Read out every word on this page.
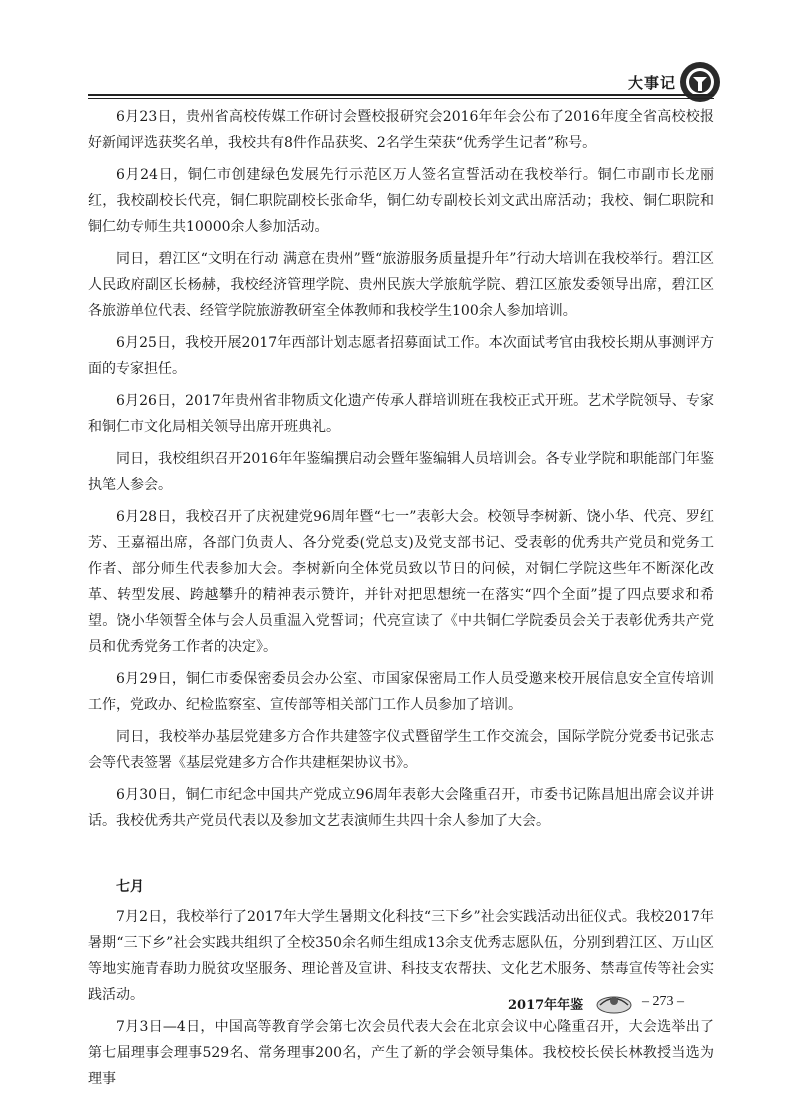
大事记

6月23日，贵州省高校传媒工作研讨会暨校报研究会2016年年会公布了2016年度全省高校校报好新闻评选获奖名单，我校共有8件作品获奖、2名学生荣获“优秀学生记者”称号。

6月24日，铜仁市创建绿色发展先行示范区万人签名宣誓活动在我校举行。铜仁市副市长龙丽红，我校副校长代亮，铜仁职院副校长张命华，铜仁幼专副校长刘文武出席活动；我校、铜仁职院和铜仁幼专师生共10000余人参加活动。

同日，碧江区“文明在行动 满意在贵州”暨“旅游服务质量提升年”行动大培训在我校举行。碧江区人民政府副区长杨赫，我校经济管理学院、贵州民族大学旅航学院、碧江区旅发委领导出席，碧江区各旅游单位代表、经管学院旅游教研室全体教师和我校学生100余人参加培训。

6月25日，我校开展2017年西部计划志愿者招募面试工作。本次面试考官由我校长期从事测评方面的专家担任。

6月26日，2017年贵州省非物质文化遗产传承人群培训班在我校正式开班。艺术学院领导、专家和铜仁市文化局相关领导出席开班典礼。

同日，我校组织召开2016年年鉴编撰启动会暨年鉴编辑人员培训会。各专业学院和职能部门年鉴执笔人参会。

6月28日，我校召开了庆祝建党96周年暨“七一”表彰大会。校领导李树新、饶小华、代亮、罗红芳、王嘉福出席，各部门负责人、各分党委(党总支)及党支部书记、受表彰的优秀共产党员和党务工作者、部分师生代表参加大会。李树新向全体党员致以节日的问候，对铜仁学院这些年不断深化改革、转型发展、跨越攀升的精神表示赞许，并针对把思想统一在落实“四个全面”提了四点要求和希望。饶小华领誓全体与会人员重温入党誓词；代亮宣读了《中共铜仁学院委员会关于表彰优秀共产党员和优秀党务工作者的决定》。

6月29日，铜仁市委保密委员会办公室、市国家保密局工作人员受邀来校开展信息安全宣传培训工作，党政办、纪检监察室、宣传部等相关部门工作人员参加了培训。

同日，我校举办基层党建多方合作共建签字仪式暨留学生工作交流会，国际学院分党委书记张志会等代表签署《基层党建多方合作共建框架协议书》。

6月30日，铜仁市纪念中国共产党成立96周年表彰大会隆重召开，市委书记陈昌旭出席会议并讲话。我校优秀共产党员代表以及参加文艺表演师生共四十余人参加了大会。

七月

7月2日，我校举行了2017年大学生暑期文化科技“三下乡”社会实践活动出征仪式。我校2017年暑期“三下乡”社会实践共组织了全校350余名师生组成13余支优秀志愿队伍，分别到碧江区、万山区等地实施青春助力脱贫攻坚服务、理论普及宣讲、科技支农帮扶、文化艺术服务、禁毒宣传等社会实践活动。

7月3日—4日，中国高等教育学会第七次会员代表大会在北京会议中心隆重召开，大会选举出了第七届理事会理事529名、常务理事200名，产生了新的学会领导集体。我校校长侯长林教授当选为理事

2017年年鉴	– 273 –
